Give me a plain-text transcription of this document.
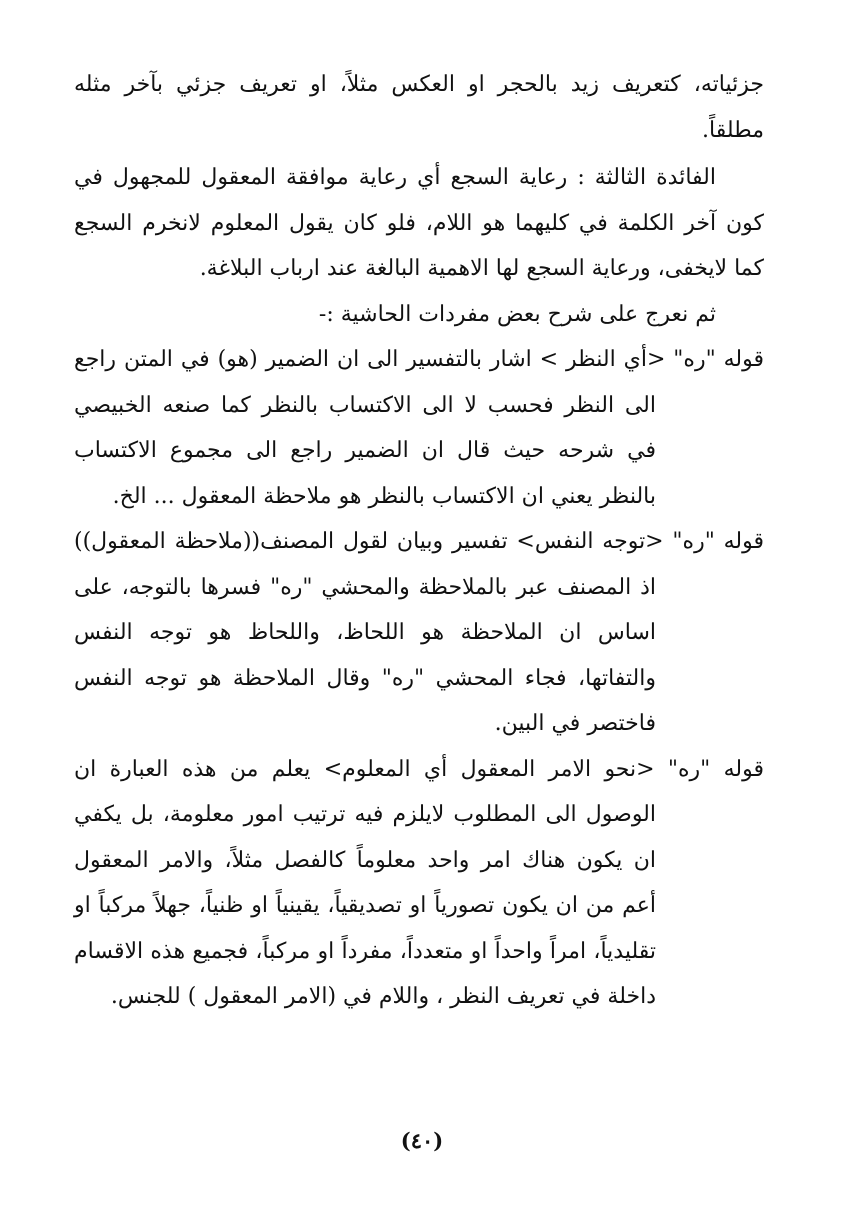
جزئياته، كتعريف زيد بالحجر او العكس مثلاً، او تعريف جزئي بآخر مثله مطلقاً.

الفائدة الثالثة : رعاية السجع أي رعاية موافقة المعقول للمجهول في كون آخر الكلمة في كليهما هو اللام، فلو كان يقول المعلوم لانخرم السجع كما لايخفى، ورعاية السجع لها الاهمية البالغة عند ارباب البلاغة.

ثم نعرج على شرح بعض مفردات الحاشية :-

قوله "ره" <أي النظر > اشار بالتفسير الى ان الضمير (هو) في المتن راجع الى النظر فحسب لا الى الاكتساب بالنظر كما صنعه الخبيصي في شرحه حيث قال ان الضمير راجع الى مجموع الاكتساب بالنظر يعني ان الاكتساب بالنظر هو ملاحظة المعقول ... الخ.

قوله "ره" <توجه النفس> تفسير وبيان لقول المصنف((ملاحظة المعقول)) اذ المصنف عبر بالملاحظة والمحشي "ره" فسرها بالتوجه، على اساس ان الملاحظة هو اللحاظ، واللحاظ هو توجه النفس والتفاتها، فجاء المحشي "ره" وقال الملاحظة هو توجه النفس فاختصر في البين.

قوله "ره" <نحو الامر المعقول أي المعلوم> يعلم من هذه العبارة ان الوصول الى المطلوب لايلزم فيه ترتيب امور معلومة، بل يكفي ان يكون هناك امر واحد معلوماً كالفصل مثلاً، والامر المعقول أعم من ان يكون تصورياً او تصديقياً، يقينياً او ظنياً، جهلاً مركباً او تقليدياً، امراً واحداً او متعدداً، مفرداً او مركباً، فجميع هذه الاقسام داخلة في تعريف النظر ، واللام في (الامر المعقول ) للجنس.

(٤٠)
